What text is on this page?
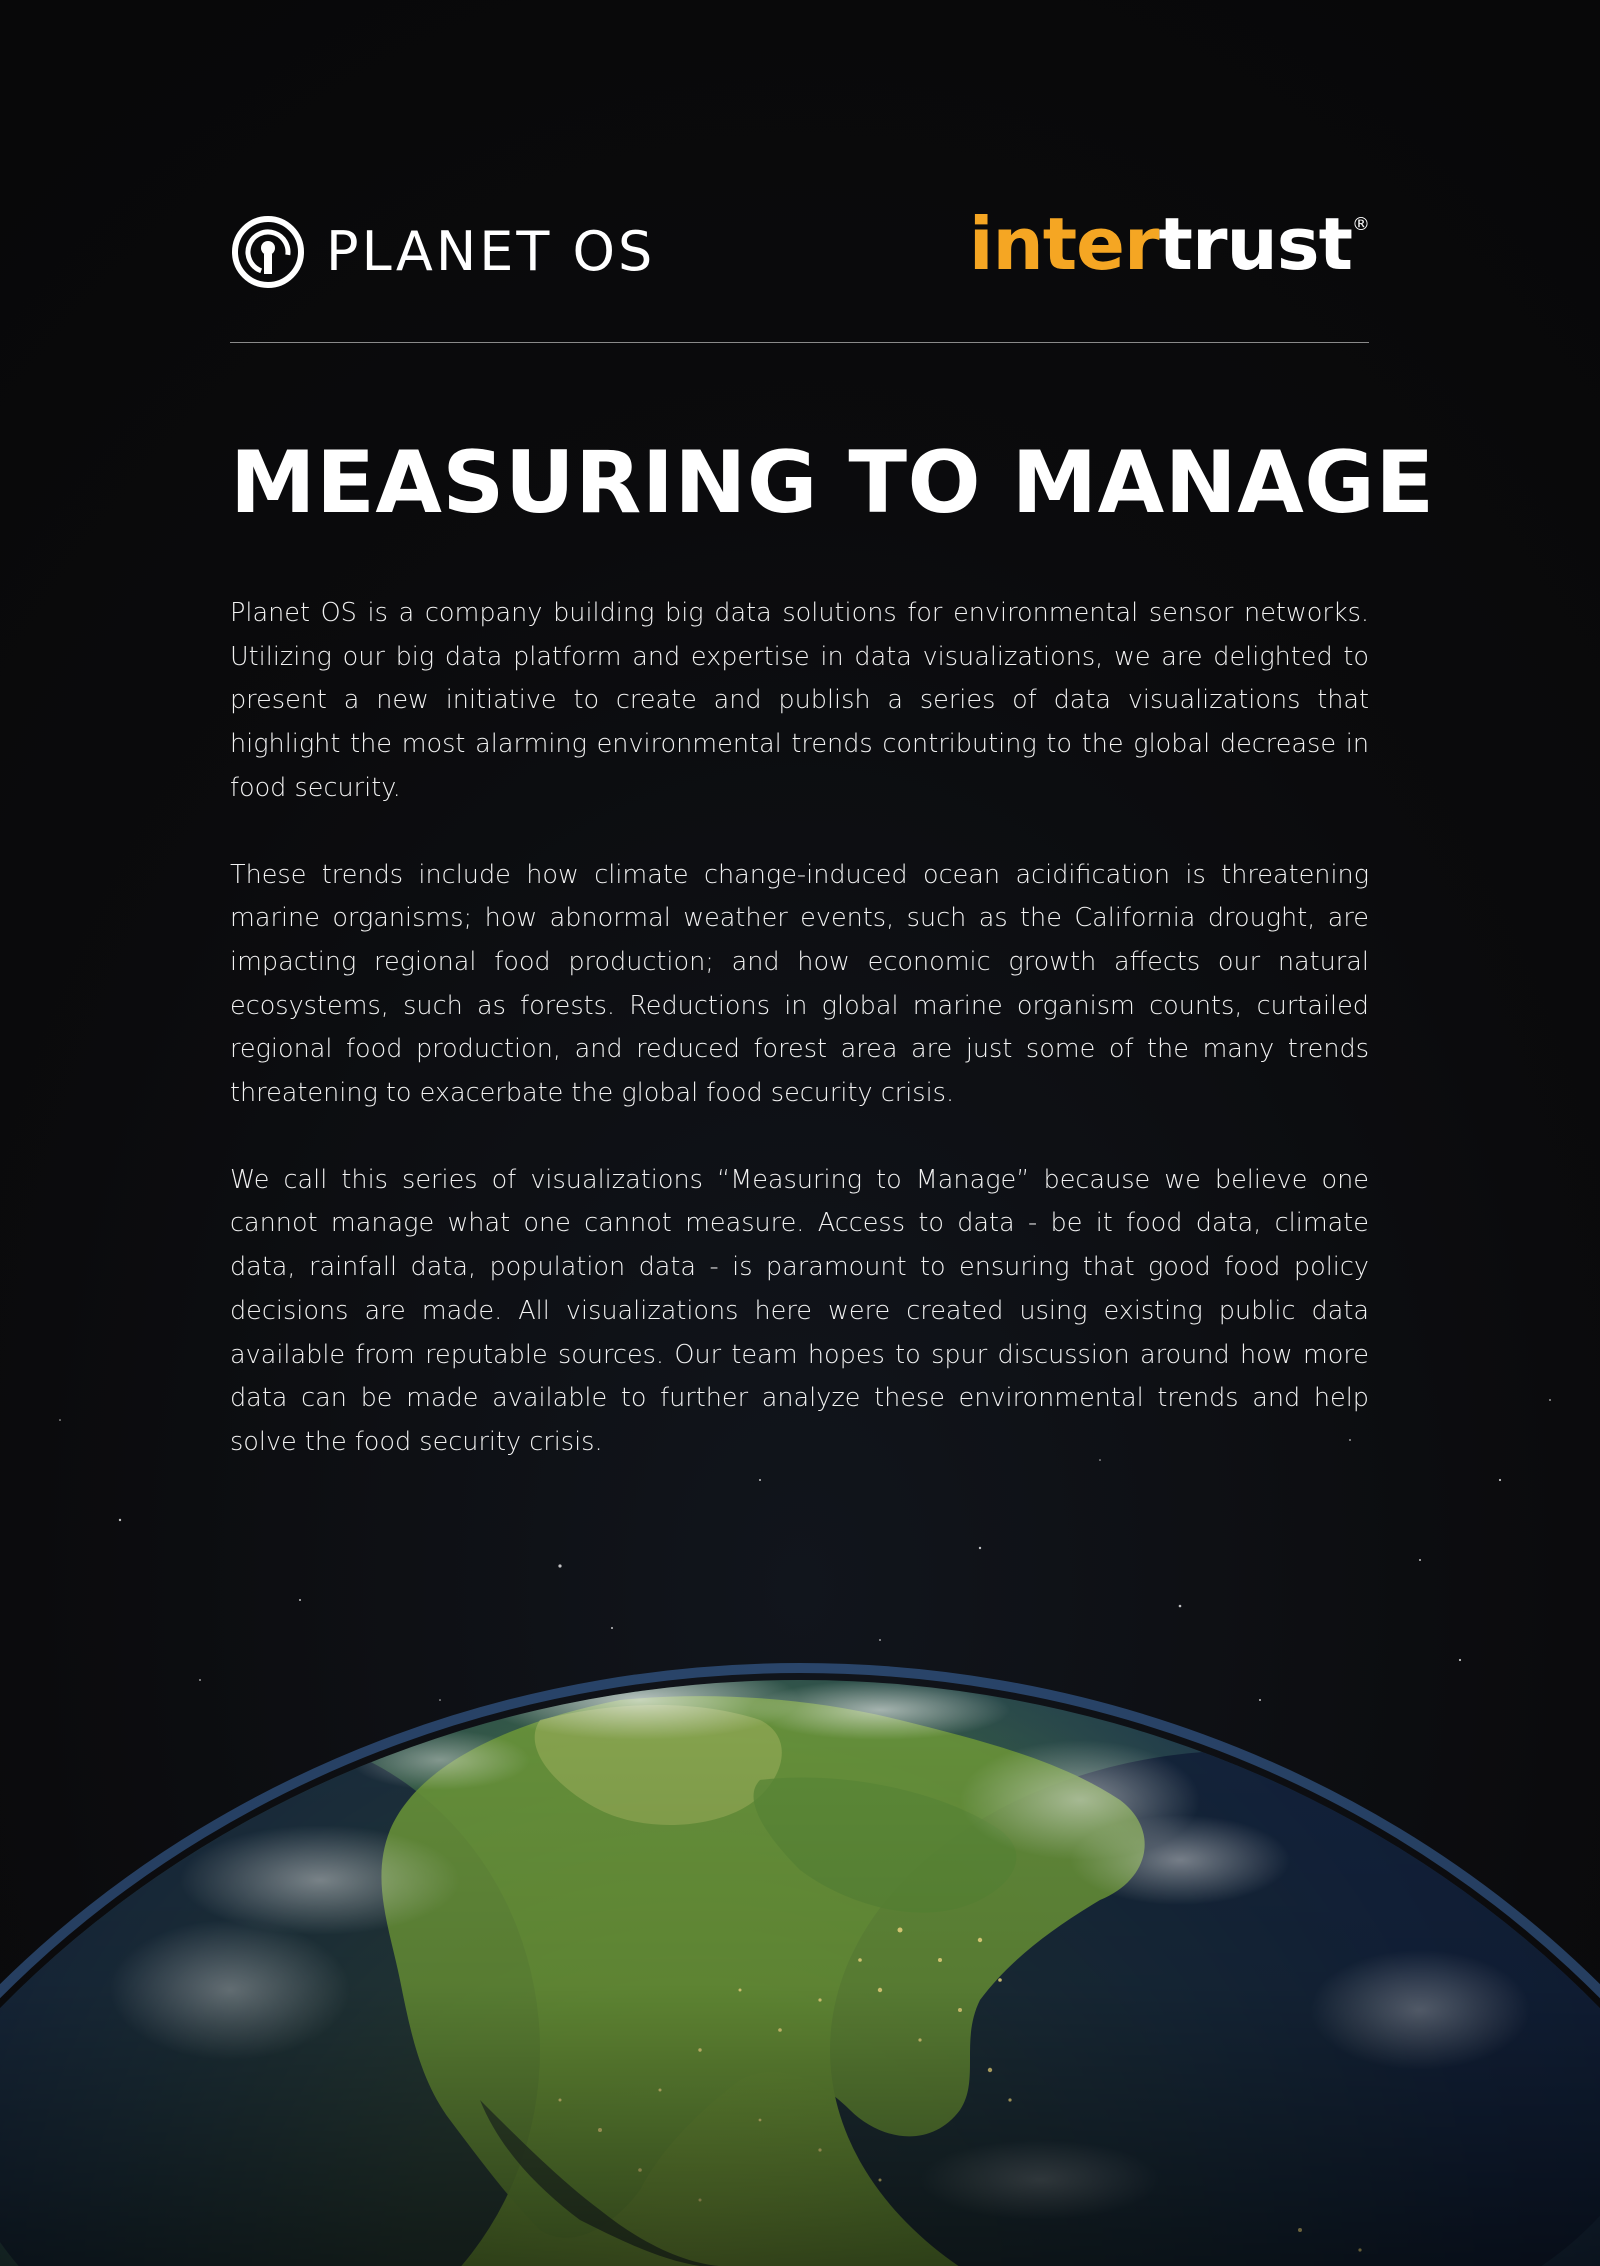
PLANET OS	intertrust®
MEASURING TO MANAGE

Planet OS is a company building big data solutions for environmental sensor networks. Utilizing our big data platform and expertise in data visualizations, we are delighted to present a new initiative to create and publish a series of data visualizations that highlight the most alarming environmental trends contributing to the global decrease in food security.

These trends include how climate change-induced ocean acidification is threatening marine organisms; how abnormal weather events, such as the California drought, are impacting regional food production; and how economic growth affects our natural ecosystems, such as forests. Reductions in global marine organism counts, curtailed regional food production, and reduced forest area are just some of the many trends threatening to exacerbate the global food security crisis.

We call this series of visualizations “Measuring to Manage” because we believe one cannot manage what one cannot measure. Access to data - be it food data, climate data, rainfall data, population data - is paramount to ensuring that good food policy decisions are made. All visualizations here were created using existing public data available from reputable sources. Our team hopes to spur discussion around how more data can be made available to further analyze these environmental trends and help solve the food security crisis.
